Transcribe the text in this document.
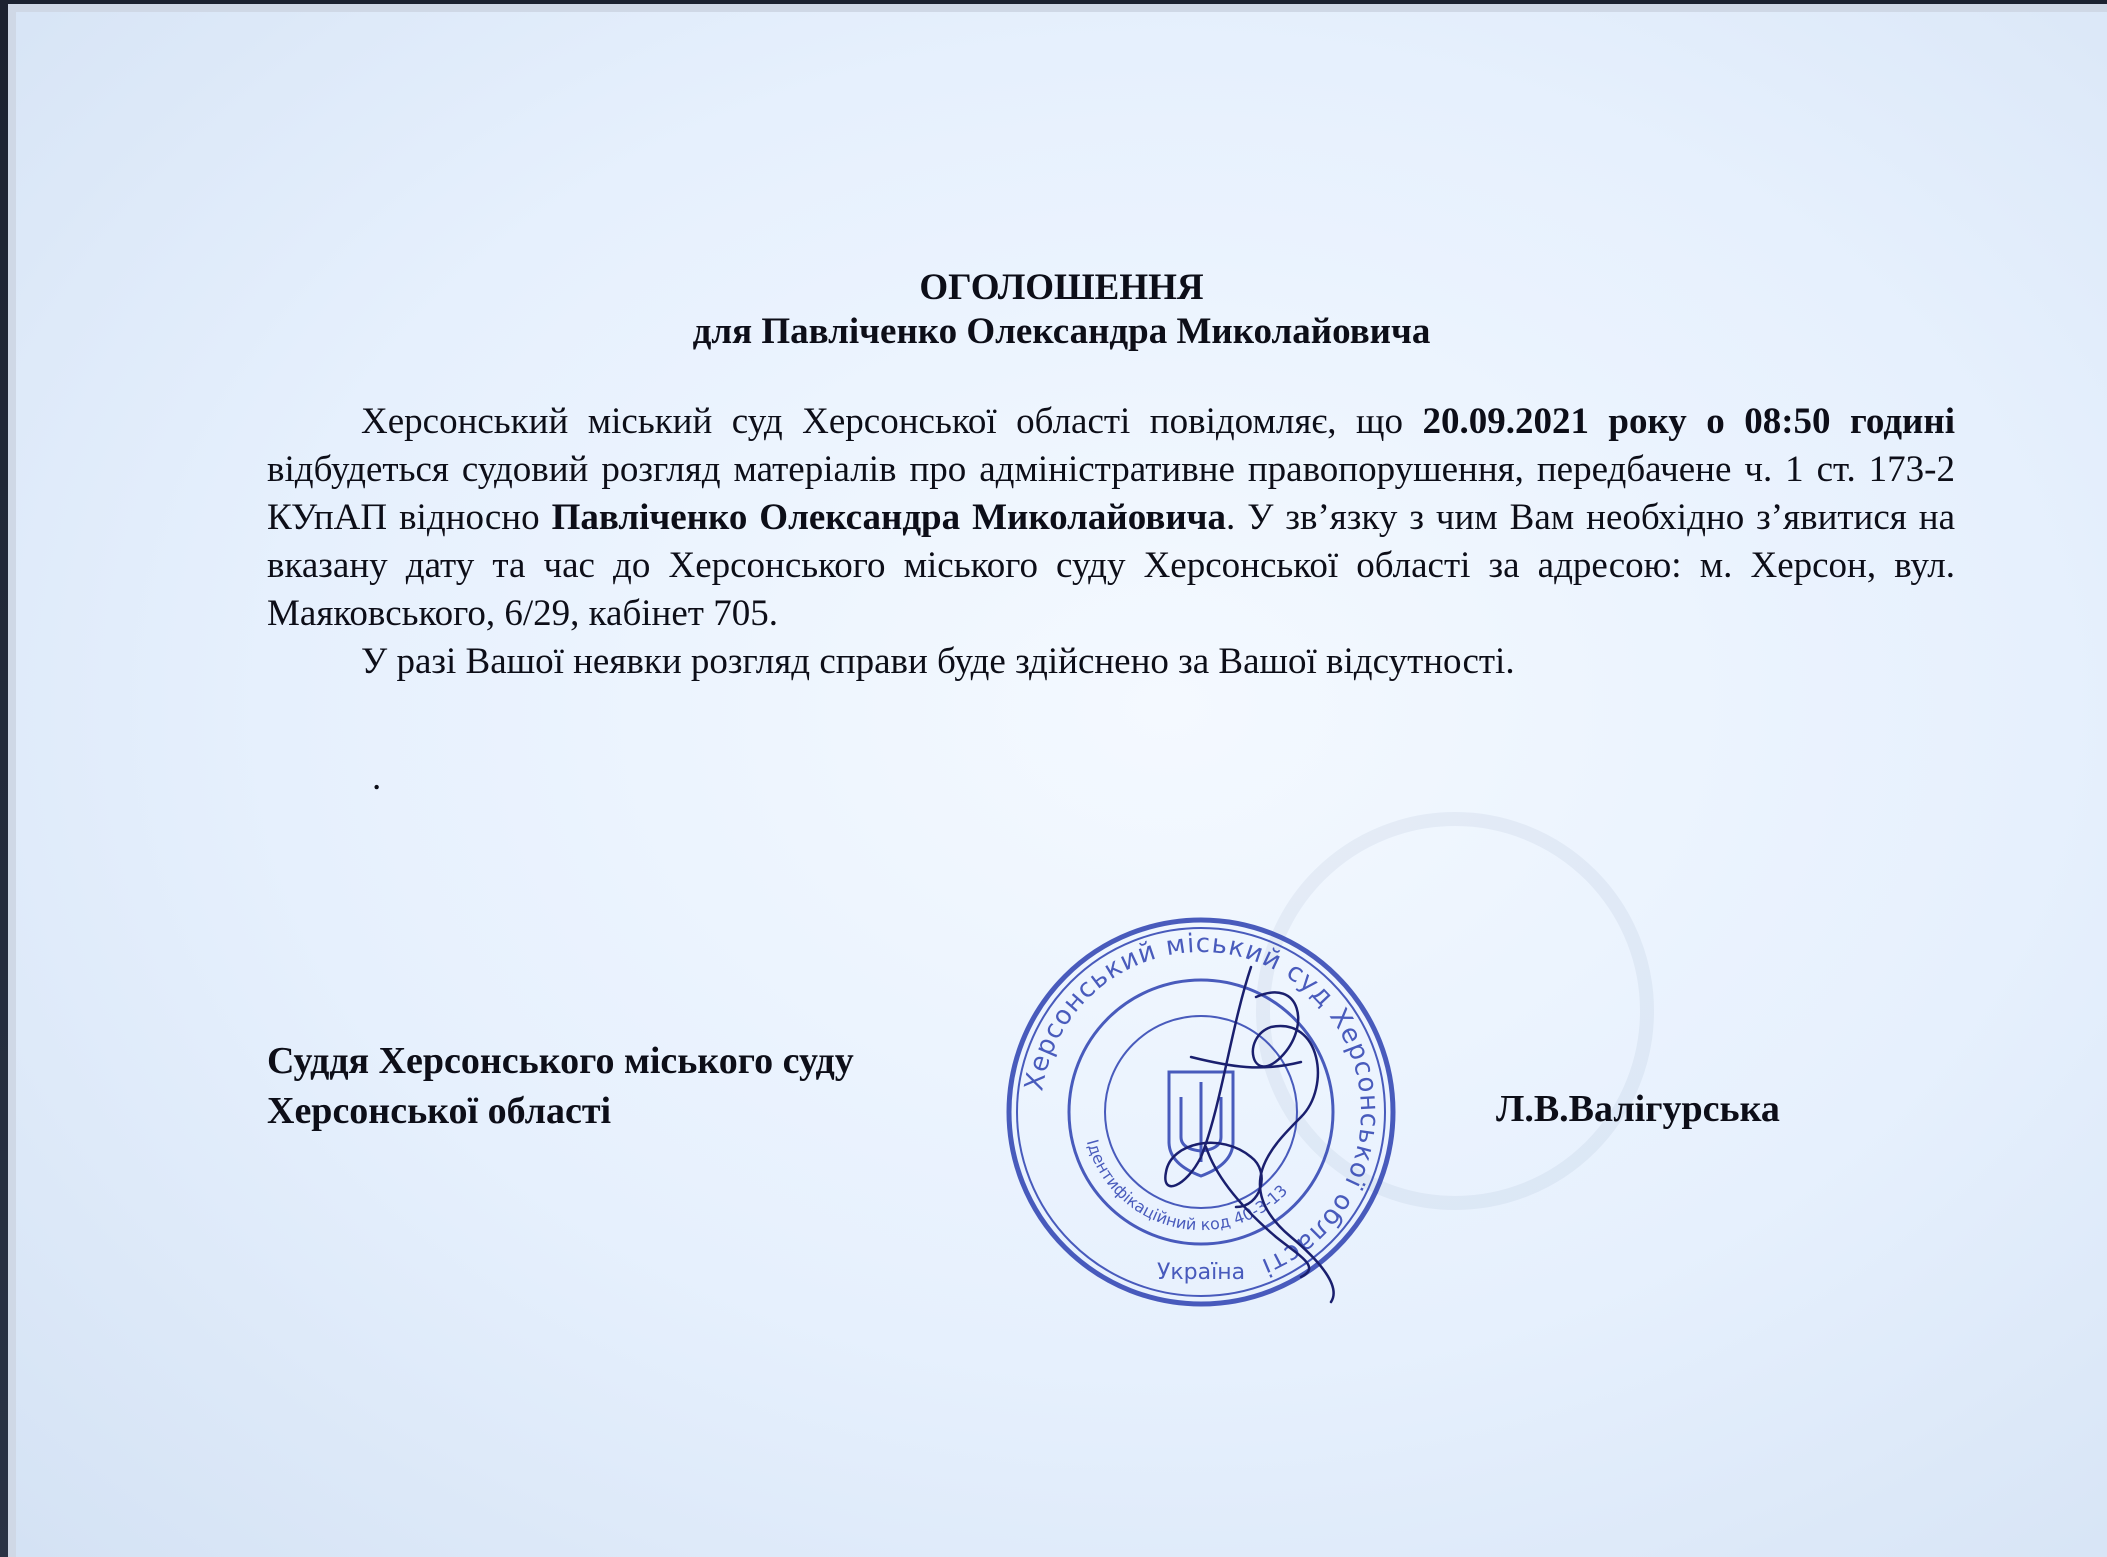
ОГОЛОШЕННЯ
для Павліченко Олександра Миколайовича

Херсонський міський суд Херсонської області повідомляє, що 20.09.2021 року о 08:50 годині відбудеться судовий розгляд матеріалів про адміністративне правопорушення, передбачене ч. 1 ст. 173-2 КУпАП відносно Павліченко Олександра Миколайовича. У зв’язку з чим Вам необхідно з’явитися на вказану дату та час до Херсонського міського суду Херсонської області за адресою: м. Херсон, вул. Маяковського, 6/29, кабінет 705.

У разі Вашої неявки розгляд справи буде здійснено за Вашої відсутності.

.
Суддя Херсонського міського суду
Херсонської області	Л.В.Валігурська
Херсонський міський суд Херсонської області
Ідентифікаційний код 40-3-13
Україна
